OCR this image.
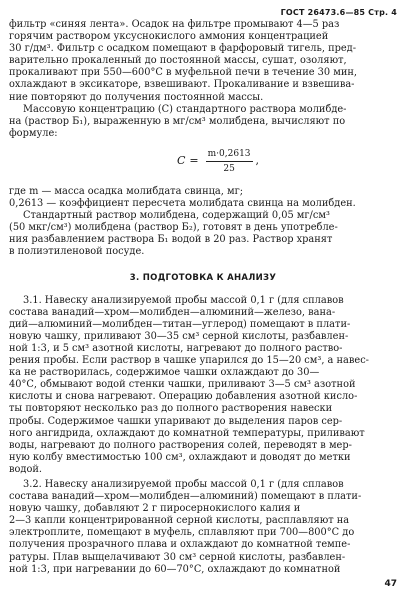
ГОСТ 26473.6—85 Стр. 4

фильтр «синяя лента». Осадок на фильтре промывают 4—5 раз
горячим раствором уксуснокислого аммония концентрацией
30 г/дм³. Фильтр с осадком помещают в фарфоровый тигель, пред-
варительно прокаленный до постоянной массы, сушат, озоляют,
прокаливают при 550—600°С в муфельной печи в течение 30 мин,
охлаждают в эксикаторе, взвешивают. Прокаливание и взвешива-
ние повторяют до получения постоянной массы.

Массовую концентрацию (С) стандартного раствора молибде-
на (раствор Б₁), выраженную в мг/см³ молибдена, вычисляют по
формуле:

$C = \frac{m\cdot 0,2613}{25}$ ,

где m — масса осадка молибдата свинца, мг;
0,2613 — коэффициент пересчета молибдата свинца на молибден.

Стандартный раствор молибдена, содержащий 0,05 мг/см³
(50 мкг/см³) молибдена (раствор Б₂), готовят в день употребле-
ния разбавлением раствора Б₁ водой в 20 раз. Раствор хранят
в полиэтиленовой посуде.

3. ПОДГОТОВКА К АНАЛИЗУ

3.1. Навеску анализируемой пробы массой 0,1 г (для сплавов
состава ванадий—хром—молибден—алюминий—железо, вана-
дий—алюминий—молибден—титан—углерод) помещают в плати-
новую чашку, приливают 30—35 см³ серной кислоты, разбавлен-
ной 1:3, и 5 см³ азотной кислоты, нагревают до полного раство-
рения пробы. Если раствор в чашке упарился до 15—20 см³, а навес-
ка не растворилась, содержимое чашки охлаждают до 30—
40°С, обмывают водой стенки чашки, приливают 3—5 см³ азотной
кислоты и снова нагревают. Операцию добавления азотной кисло-
ты повторяют несколько раз до полного растворения навески
пробы. Содержимое чашки упаривают до выделения паров сер-
ного ангидрида, охлаждают до комнатной температуры, приливают
воды, нагревают до полного растворения солей, переводят в мер-
ную колбу вместимостью 100 см³, охлаждают и доводят до метки
водой.

3.2. Навеску анализируемой пробы массой 0,1 г (для сплавов
состава ванадий—хром—молибден—алюминий) помещают в плати-
новую чашку, добавляют 2 г пиросернокислого калия и
2—3 капли концентрированной серной кислоты, расплавляют на
электроплите, помещают в муфель, сплавляют при 700—800°С до
получения прозрачного плава и охлаждают до комнатной темпе-
ратуры. Плав выщелачивают 30 см³ серной кислоты, разбавлен-
ной 1:3, при нагревании до 60—70°С, охлаждают до комнатной

47
